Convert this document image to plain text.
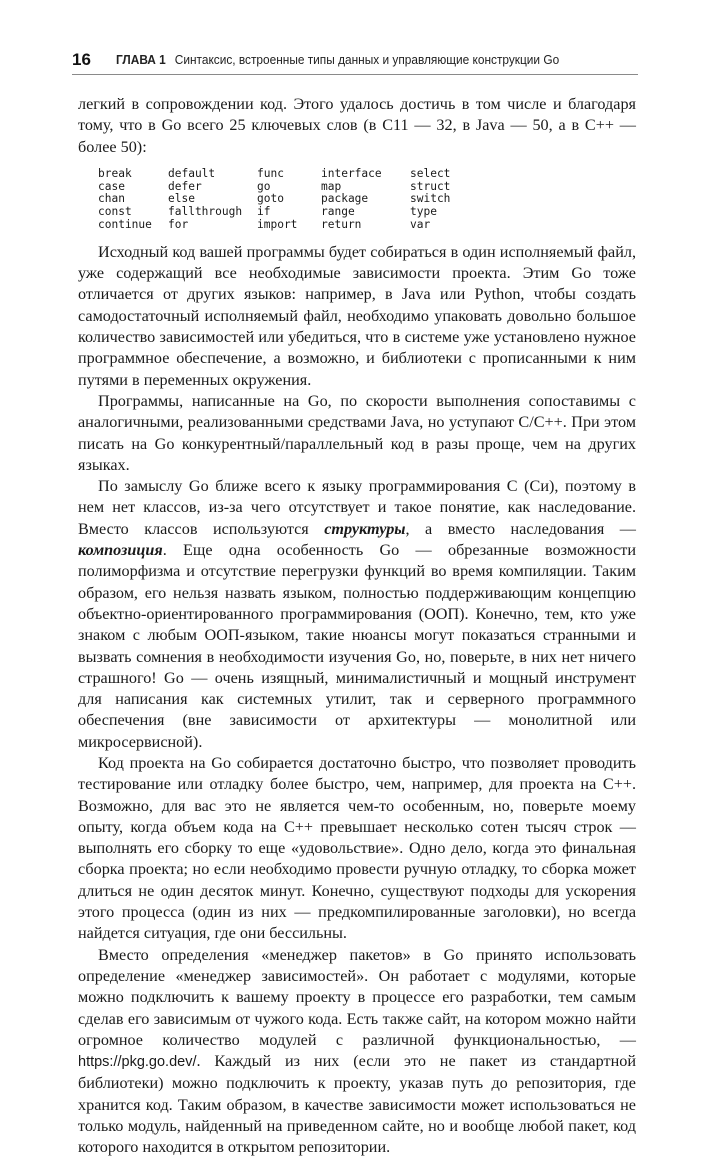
16 ГЛАВА 1 Синтаксис, встроенные типы данных и управляющие конструкции Go

легкий в сопровождении код. Этого удалось достичь в том числе и благодаря тому, что в Go всего 25 ключевых слов (в C11 — 32, в Java — 50, а в C++ — более 50):

break	default	func	interface	select
case	defer	go	map	struct
chan	else	goto	package	switch
const	fallthrough	if	range	type
continue	for	import	return	var

Исходный код вашей программы будет собираться в один исполняемый файл, уже содержащий все необходимые зависимости проекта. Этим Go тоже отличается от других языков: например, в Java или Python, чтобы создать самодостаточный исполняемый файл, необходимо упаковать довольно большое количество зависимостей или убедиться, что в системе уже установлено нужное программное обеспечение, а возможно, и библиотеки с прописанными к ним путями в переменных окружения.

Программы, написанные на Go, по скорости выполнения сопоставимы с аналогичными, реализованными средствами Java, но уступают C/C++. При этом писать на Go конкурентный/параллельный код в разы проще, чем на других языках.

По замыслу Go ближе всего к языку программирования С (Си), поэтому в нем нет классов, из-за чего отсутствует и такое понятие, как наследование. Вместо классов используются структуры, а вместо наследования — композиция. Еще одна особенность Go — обрезанные возможности полиморфизма и отсутствие перегрузки функций во время компиляции. Таким образом, его нельзя назвать языком, полностью поддерживающим концепцию объектно-ориентированного программирования (ООП). Конечно, тем, кто уже знаком с любым ООП-языком, такие нюансы могут показаться странными и вызвать сомнения в необходимости изучения Go, но, поверьте, в них нет ничего страшного! Go — очень изящный, минималистичный и мощный инструмент для написания как системных утилит, так и серверного программного обеспечения (вне зависимости от архитектуры — монолитной или микросервисной).

Код проекта на Go собирается достаточно быстро, что позволяет проводить тестирование или отладку более быстро, чем, например, для проекта на С++. Возможно, для вас это не является чем-то особенным, но, поверьте моему опыту, когда объем кода на С++ превышает несколько сотен тысяч строк — выполнять его сборку то еще «удовольствие». Одно дело, когда это финальная сборка проекта; но если необходимо провести ручную отладку, то сборка может длиться не один десяток минут. Конечно, существуют подходы для ускорения этого процесса (один из них — предкомпилированные заголовки), но всегда найдется ситуация, где они бессильны.

Вместо определения «менеджер пакетов» в Go принято использовать определение «менеджер зависимостей». Он работает с модулями, которые можно подключить к вашему проекту в процессе его разработки, тем самым сделав его зависимым от чужого кода. Есть также сайт, на котором можно найти огромное количество модулей с различной функциональностью, — https://pkg.go.dev/. Каждый из них (если это не пакет из стандартной библиотеки) можно подключить к проекту, указав путь до репозитория, где хранится код. Таким образом, в качестве зависимости может использоваться не только модуль, найденный на приведенном сайте, но и вообще любой пакет, код которого находится в открытом репозитории.
